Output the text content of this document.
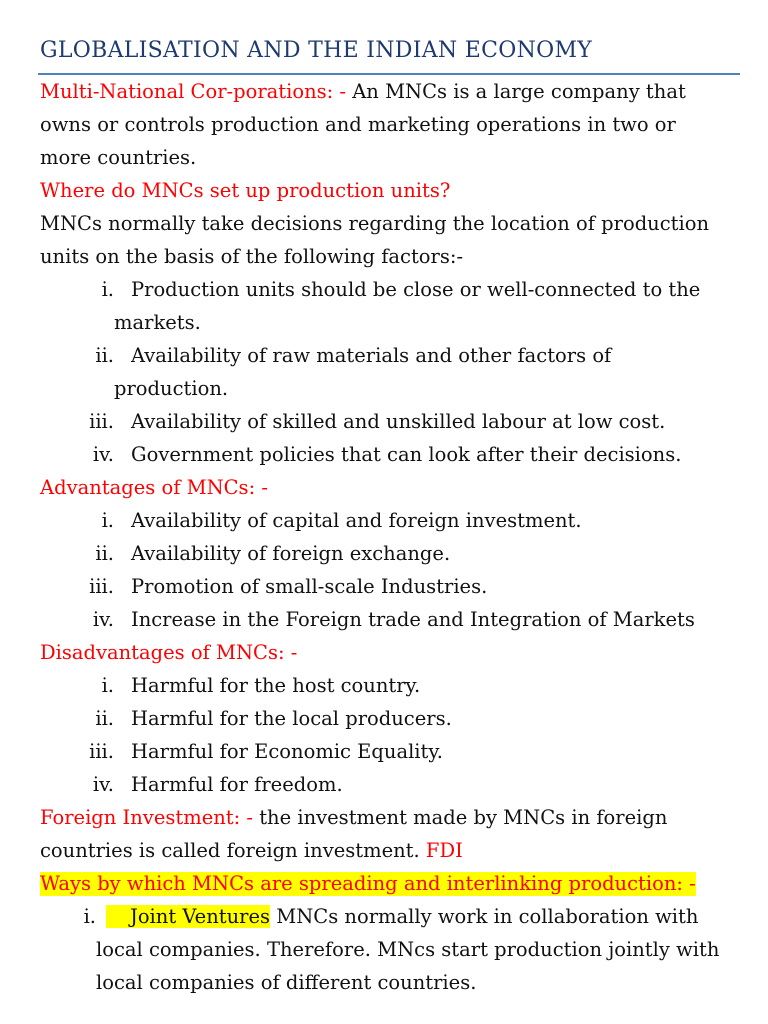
GLOBALISATION AND THE INDIAN ECONOMY
Multi-National Cor-porations: - An MNCs is a large company that
owns or controls production and marketing operations in two or
more countries.
Where do MNCs set up production units?
MNCs normally take decisions regarding the location of production
units on the basis of the following factors:-
i. Production units should be close or well-connected to the
markets.
ii. Availability of raw materials and other factors of
production.
iii. Availability of skilled and unskilled labour at low cost.
iv. Government policies that can look after their decisions.
Advantages of MNCs: -
i. Availability of capital and foreign investment.
ii. Availability of foreign exchange.
iii. Promotion of small-scale Industries.
iv. Increase in the Foreign trade and Integration of Markets
Disadvantages of MNCs: -
i. Harmful for the host country.
ii. Harmful for the local producers.
iii. Harmful for Economic Equality.
iv. Harmful for freedom.
Foreign Investment: - the investment made by MNCs in foreign
countries is called foreign investment. FDI
Ways by which MNCs are spreading and interlinking production: -
i.	Joint Ventures MNCs normally work in collaboration with
local companies. Therefore. MNcs start production jointly with
local companies of different countries.
